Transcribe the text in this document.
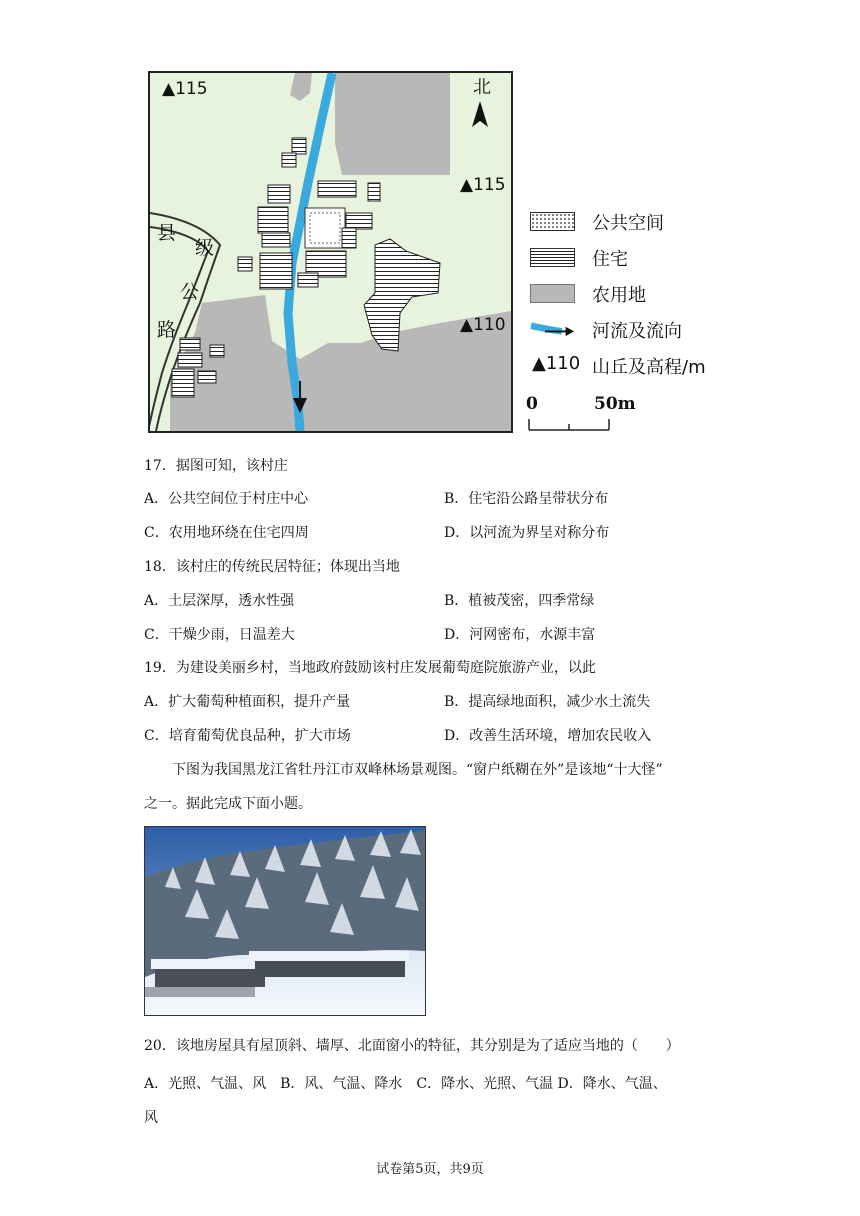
▲115
▲115
▲110
北
县
级
公
路
公共空间
住宅
农用地
河流及流向
▲110 山丘及高程/m
0	50m
17．据图可知，该村庄
A．公共空间位于村庄中心	B．住宅沿公路呈带状分布
C．农用地环绕在住宅四周	D．以河流为界呈对称分布
18．该村庄的传统民居特征；体现出当地
A．土层深厚，透水性强	B．植被茂密，四季常绿
C．干燥少雨，日温差大	D．河网密布，水源丰富
19．为建设美丽乡村，当地政府鼓励该村庄发展葡萄庭院旅游产业，以此
A．扩大葡萄种植面积，提升产量	B．提高绿地面积，减少水土流失
C．培育葡萄优良品种，扩大市场	D．改善生活环境，增加农民收入
下图为我国黑龙江省牡丹江市双峰林场景观图。“窗户纸糊在外”是该地“十大怪”
之一。据此完成下面小题。
20．该地房屋具有屋顶斜、墙厚、北面窗小的特征，其分别是为了适应当地的（　　）
A．光照、气温、风　B．风、气温、降水　C．降水、光照、气温 D．降水、气温、
风
试卷第5页，共9页
